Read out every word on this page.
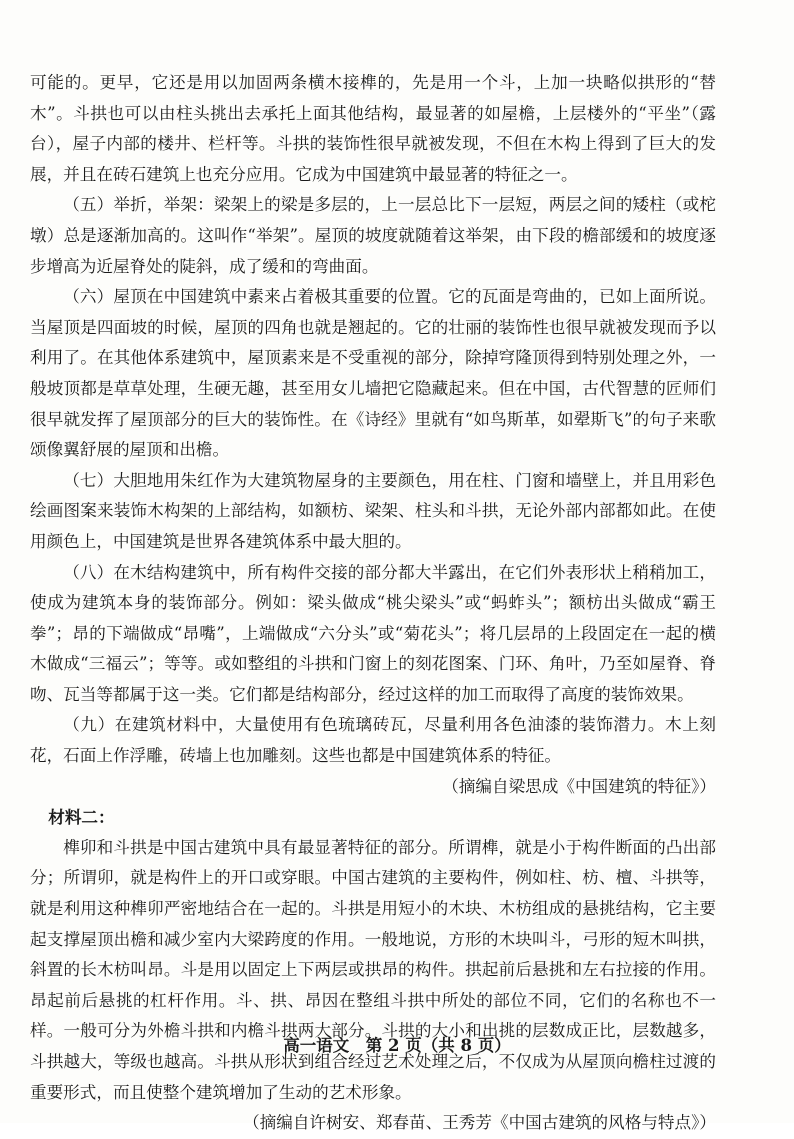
可能的。更早，它还是用以加固两条横木接榫的，先是用一个斗，上加一块略似拱形的“替木”。斗拱也可以由柱头挑出去承托上面其他结构，最显著的如屋檐，上层楼外的“平坐”（露台），屋子内部的楼井、栏杆等。斗拱的装饰性很早就被发现，不但在木构上得到了巨大的发展，并且在砖石建筑上也充分应用。它成为中国建筑中最显著的特征之一。

（五）举折，举架：梁架上的梁是多层的，上一层总比下一层短，两层之间的矮柱（或柁墩）总是逐渐加高的。这叫作“举架”。屋顶的坡度就随着这举架，由下段的檐部缓和的坡度逐步增高为近屋脊处的陡斜，成了缓和的弯曲面。

（六）屋顶在中国建筑中素来占着极其重要的位置。它的瓦面是弯曲的，已如上面所说。当屋顶是四面坡的时候，屋顶的四角也就是翘起的。它的壮丽的装饰性也很早就被发现而予以利用了。在其他体系建筑中，屋顶素来是不受重视的部分，除掉穹隆顶得到特别处理之外，一般坡顶都是草草处理，生硬无趣，甚至用女儿墙把它隐藏起来。但在中国，古代智慧的匠师们很早就发挥了屋顶部分的巨大的装饰性。在《诗经》里就有“如鸟斯革，如翚斯飞”的句子来歌颂像翼舒展的屋顶和出檐。

（七）大胆地用朱红作为大建筑物屋身的主要颜色，用在柱、门窗和墙壁上，并且用彩色绘画图案来装饰木构架的上部结构，如额枋、梁架、柱头和斗拱，无论外部内部都如此。在使用颜色上，中国建筑是世界各建筑体系中最大胆的。

（八）在木结构建筑中，所有构件交接的部分都大半露出，在它们外表形状上稍稍加工，使成为建筑本身的装饰部分。例如：梁头做成“桃尖梁头”或“蚂蚱头”；额枋出头做成“霸王拳”；昂的下端做成“昂嘴”，上端做成“六分头”或“菊花头”；将几层昂的上段固定在一起的横木做成“三福云”；等等。或如整组的斗拱和门窗上的刻花图案、门环、角叶，乃至如屋脊、脊吻、瓦当等都属于这一类。它们都是结构部分，经过这样的加工而取得了高度的装饰效果。

（九）在建筑材料中，大量使用有色琉璃砖瓦，尽量利用各色油漆的装饰潜力。木上刻花，石面上作浮雕，砖墙上也加雕刻。这些也都是中国建筑体系的特征。

（摘编自梁思成《中国建筑的特征》）

材料二：

榫卯和斗拱是中国古建筑中具有最显著特征的部分。所谓榫，就是小于构件断面的凸出部分；所谓卯，就是构件上的开口或穿眼。中国古建筑的主要构件，例如柱、枋、檀、斗拱等，就是利用这种榫卯严密地结合在一起的。斗拱是用短小的木块、木枋组成的悬挑结构，它主要起支撑屋顶出檐和减少室内大梁跨度的作用。一般地说，方形的木块叫斗，弓形的短木叫拱，斜置的长木枋叫昂。斗是用以固定上下两层或拱昂的构件。拱起前后悬挑和左右拉接的作用。昂起前后悬挑的杠杆作用。斗、拱、昂因在整组斗拱中所处的部位不同，它们的名称也不一样。一般可分为外檐斗拱和内檐斗拱两大部分。斗拱的大小和出挑的层数成正比，层数越多，斗拱越大，等级也越高。斗拱从形状到组合经过艺术处理之后，不仅成为从屋顶向檐柱过渡的重要形式，而且使整个建筑增加了生动的艺术形象。

（摘编自许树安、郑春苗、王秀芳《中国古建筑的风格与特点》）

高一语文　第 2 页（共 8 页）
